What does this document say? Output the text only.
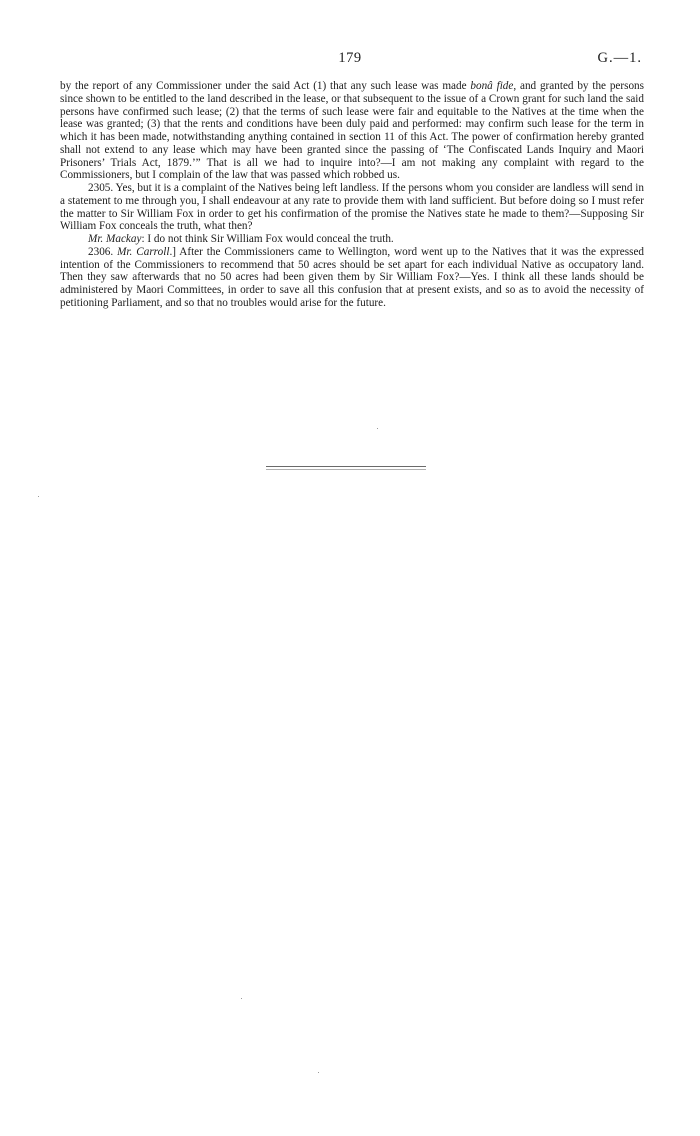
179	G.—1.

by the report of any Commissioner under the said Act (1) that any such lease was made bonâ fide, and granted by the persons since shown to be entitled to the land described in the lease, or that subsequent to the issue of a Crown grant for such land the said persons have confirmed such lease; (2) that the terms of such lease were fair and equitable to the Natives at the time when the lease was granted; (3) that the rents and conditions have been duly paid and performed: may confirm such lease for the term in which it has been made, notwithstanding anything contained in section 11 of this Act. The power of confirmation hereby granted shall not extend to any lease which may have been granted since the passing of ‘The Confiscated Lands Inquiry and Maori Prisoners’ Trials Act, 1879.’” That is all we had to inquire into?—I am not making any complaint with regard to the Commissioners, but I complain of the law that was passed which robbed us.

2305. Yes, but it is a complaint of the Natives being left landless. If the persons whom you consider are landless will send in a statement to me through you, I shall endeavour at any rate to provide them with land sufficient. But before doing so I must refer the matter to Sir William Fox in order to get his confirmation of the promise the Natives state he made to them?—Supposing Sir William Fox conceals the truth, what then?

Mr. Mackay: I do not think Sir William Fox would conceal the truth.

2306. Mr. Carroll.] After the Commissioners came to Wellington, word went up to the Natives that it was the expressed intention of the Commissioners to recommend that 50 acres should be set apart for each individual Native as occupatory land. Then they saw afterwards that no 50 acres had been given them by Sir William Fox?—Yes. I think all these lands should be administered by Maori Committees, in order to save all this confusion that at present exists, and so as to avoid the necessity of petitioning Parliament, and so that no troubles would arise for the future.
